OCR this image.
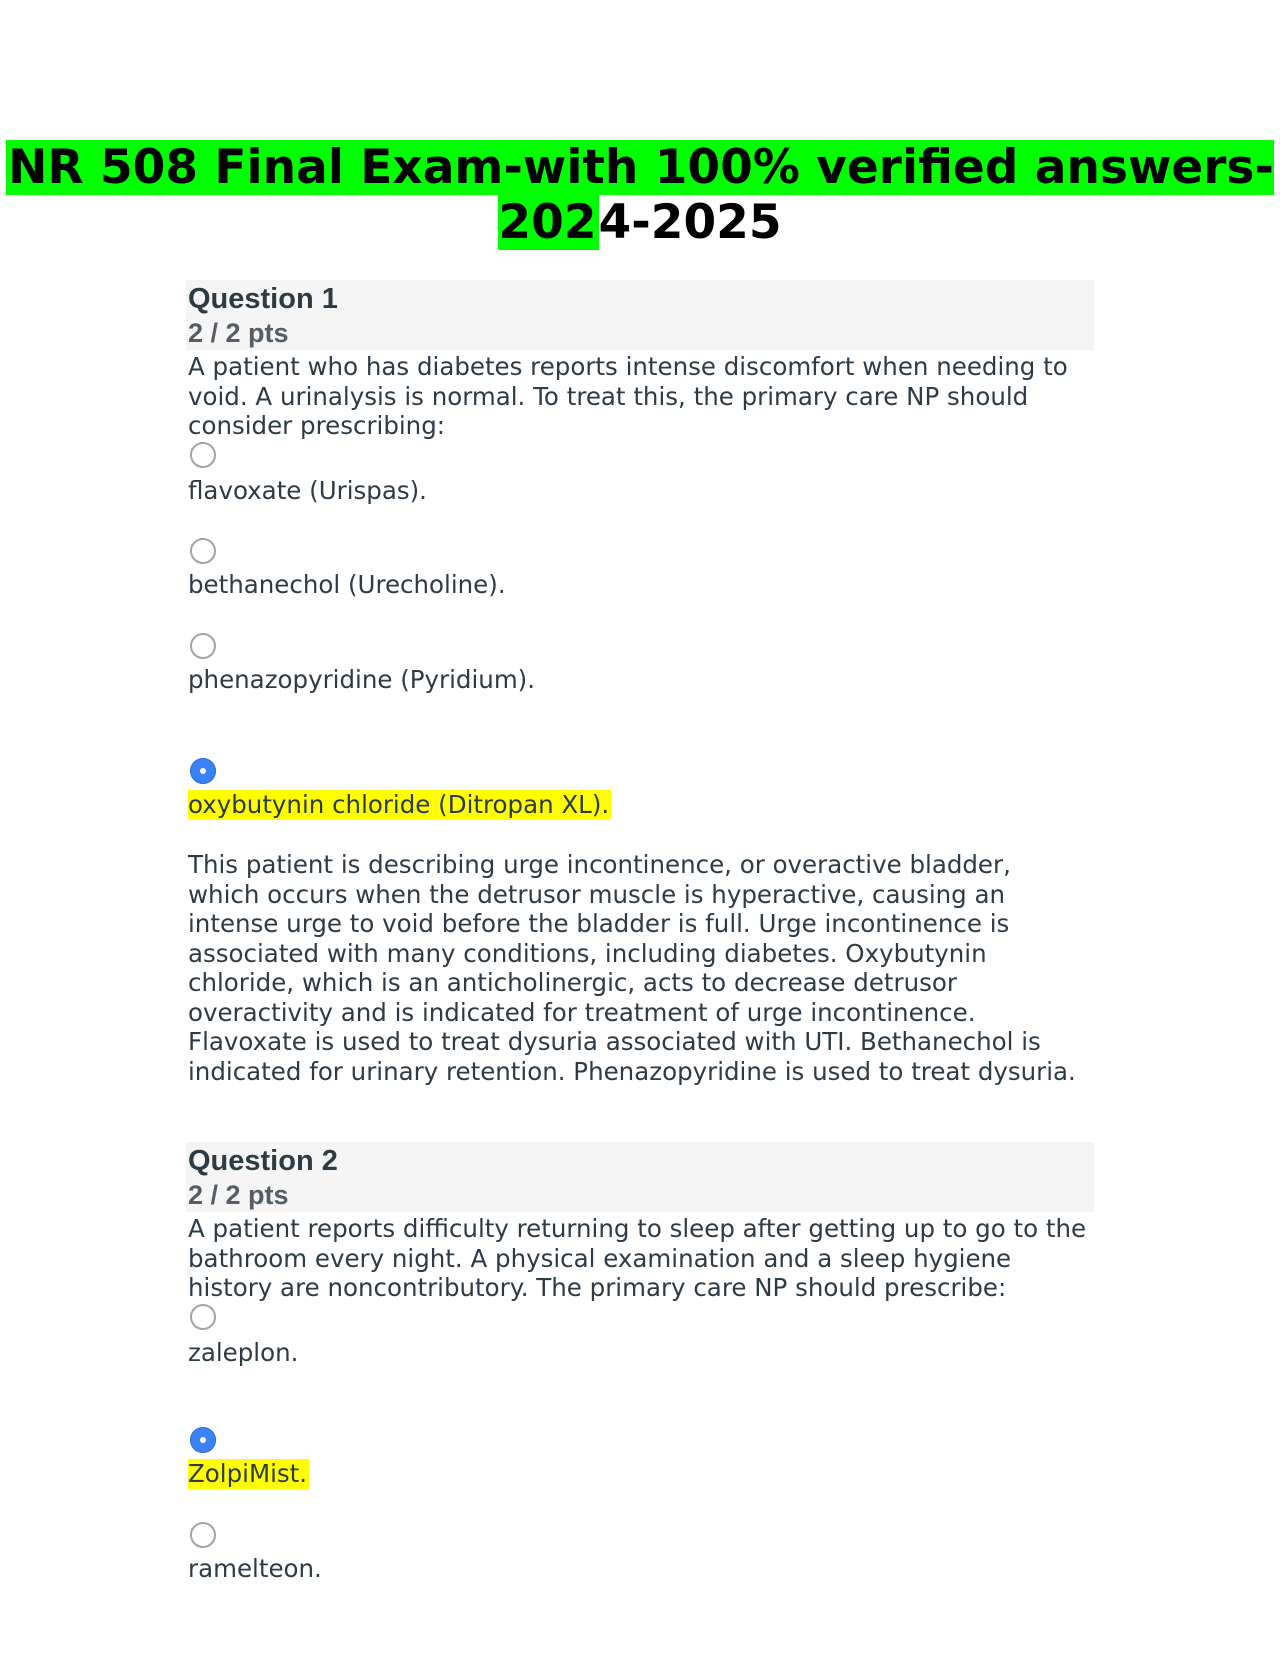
NR 508 Final Exam-with 100% verified answers-2024-2025
Question 1
2 / 2 pts
A patient who has diabetes reports intense discomfort when needing to void. A urinalysis is normal. To treat this, the primary care NP should consider prescribing:
flavoxate (Urispas).
bethanechol (Urecholine).
phenazopyridine (Pyridium).
oxybutynin chloride (Ditropan XL).
This patient is describing urge incontinence, or overactive bladder, which occurs when the detrusor muscle is hyperactive, causing an intense urge to void before the bladder is full. Urge incontinence is associated with many conditions, including diabetes. Oxybutynin chloride, which is an anticholinergic, acts to decrease detrusor overactivity and is indicated for treatment of urge incontinence. Flavoxate is used to treat dysuria associated with UTI. Bethanechol is indicated for urinary retention. Phenazopyridine is used to treat dysuria.
Question 2
2 / 2 pts
A patient reports difficulty returning to sleep after getting up to go to the bathroom every night. A physical examination and a sleep hygiene history are noncontributory. The primary care NP should prescribe:
zaleplon.
ZolpiMist.
ramelteon.
